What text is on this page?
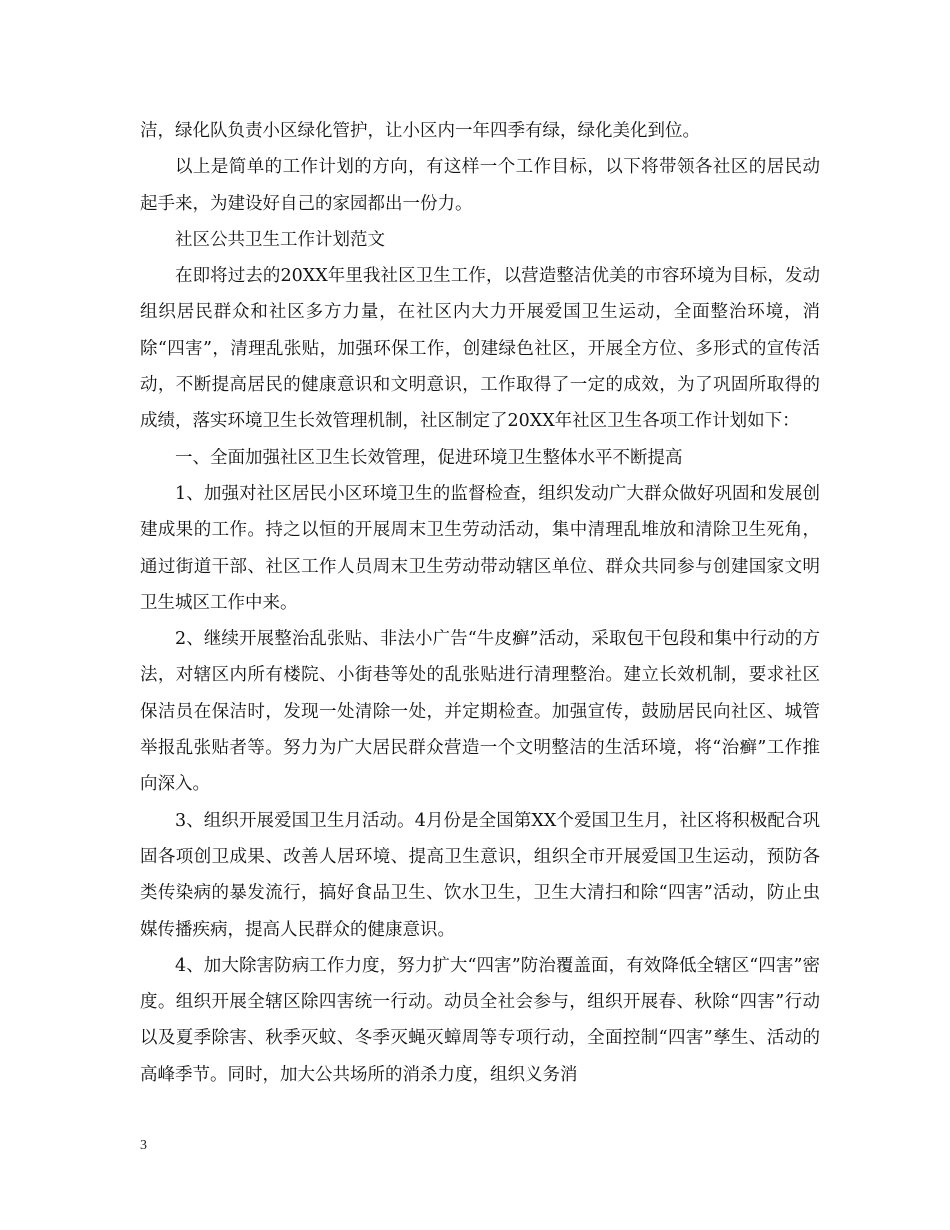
洁，绿化队负责小区绿化管护，让小区内一年四季有绿，绿化美化到位。

以上是简单的工作计划的方向，有这样一个工作目标，以下将带领各社区的居民动起手来，为建设好自己的家园都出一份力。

社区公共卫生工作计划范文

在即将过去的20XX年里我社区卫生工作，以营造整洁优美的市容环境为目标，发动组织居民群众和社区多方力量，在社区内大力开展爱国卫生运动，全面整治环境，消除“四害”，清理乱张贴，加强环保工作，创建绿色社区，开展全方位、多形式的宣传活动，不断提高居民的健康意识和文明意识，工作取得了一定的成效，为了巩固所取得的成绩，落实环境卫生长效管理机制，社区制定了20XX年社区卫生各项工作计划如下：

一、全面加强社区卫生长效管理，促进环境卫生整体水平不断提高

1、加强对社区居民小区环境卫生的监督检查，组织发动广大群众做好巩固和发展创建成果的工作。持之以恒的开展周末卫生劳动活动，集中清理乱堆放和清除卫生死角，通过街道干部、社区工作人员周末卫生劳动带动辖区单位、群众共同参与创建国家文明卫生城区工作中来。

2、继续开展整治乱张贴、非法小广告“牛皮癣”活动，采取包干包段和集中行动的方法，对辖区内所有楼院、小街巷等处的乱张贴进行清理整治。建立长效机制，要求社区保洁员在保洁时，发现一处清除一处，并定期检查。加强宣传，鼓励居民向社区、城管举报乱张贴者等。努力为广大居民群众营造一个文明整洁的生活环境，将“治癣”工作推向深入。

3、组织开展爱国卫生月活动。4月份是全国第XX个爱国卫生月，社区将积极配合巩固各项创卫成果、改善人居环境、提高卫生意识，组织全市开展爱国卫生运动，预防各类传染病的暴发流行，搞好食品卫生、饮水卫生，卫生大清扫和除“四害”活动，防止虫媒传播疾病，提高人民群众的健康意识。

4、加大除害防病工作力度，努力扩大“四害”防治覆盖面，有效降低全辖区“四害”密度。组织开展全辖区除四害统一行动。动员全社会参与，组织开展春、秋除“四害”行动以及夏季除害、秋季灭蚊、冬季灭蝇灭蟑周等专项行动，全面控制“四害”孳生、活动的高峰季节。同时，加大公共场所的消杀力度，组织义务消

3
